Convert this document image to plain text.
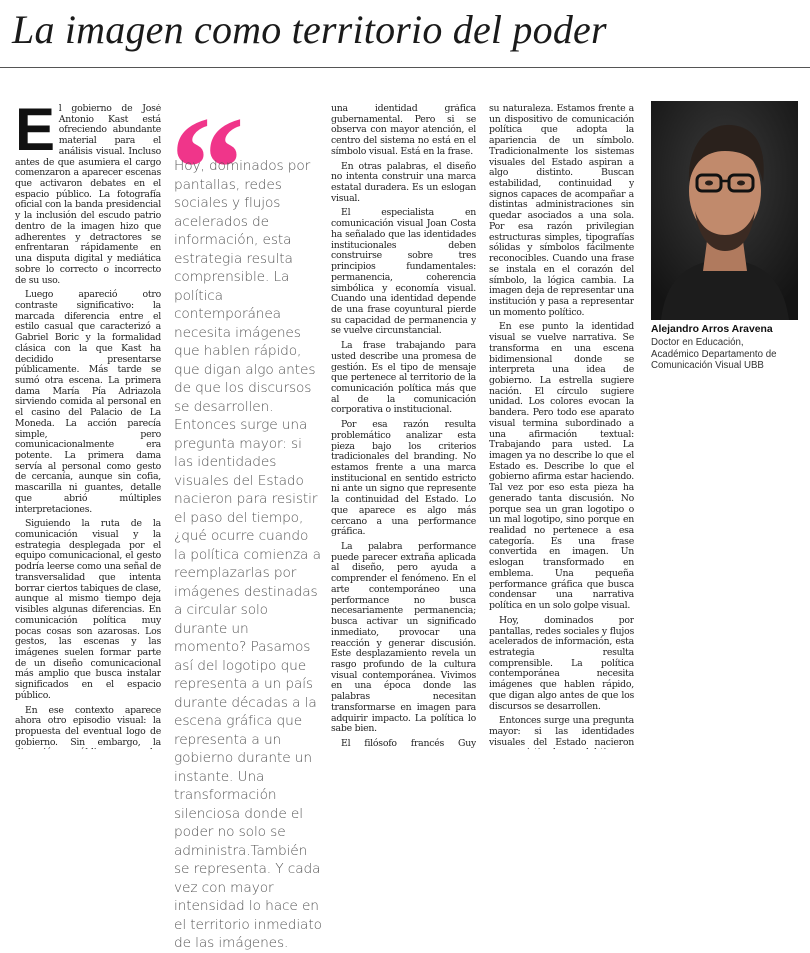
La imagen como territorio del poder

El gobierno de José Antonio Kast está ofreciendo abundante material para el análisis visual. Incluso antes de que asumiera el cargo comenzaron a aparecer escenas que activaron debates en el espacio público. La fotografía oficial con la banda presidencial y la inclusión del escudo patrio dentro de la imagen hizo que adherentes y detractores se enfrentaran rápidamente en una disputa digital y mediática sobre lo correcto o incorrecto de su uso.

Luego apareció otro contraste significativo: la marcada diferencia entre el estilo casual que caracterizó a Gabriel Boric y la formalidad clásica con la que Kast ha decidido presentarse públicamente. Más tarde se sumó otra escena. La primera dama María Pía Adriazola sirviendo comida al personal en el casino del Palacio de La Moneda. La acción parecía simple, pero comunicacionalmente era potente. La primera dama servía al personal como gesto de cercanía, aunque sin cofia, mascarilla ni guantes, detalle que abrió múltiples interpretaciones.

Siguiendo la ruta de la comunicación visual y la estrategia desplegada por el equipo comunicacional, el gesto podría leerse como una señal de transversalidad que intenta borrar ciertos tabiques de clase, aunque al mismo tiempo deja visibles algunas diferencias. En comunicación política muy pocas cosas son azarosas. Los gestos, las escenas y las imágenes suelen formar parte de un diseño comunicacional más amplio que busca instalar significados en el espacio público.

En ese contexto aparece ahora otro episodio visual: la propuesta del eventual logo de gobierno. Sin embargo, la

Hoy, dominados por pantallas, redes sociales y flujos acelerados de información, esta estrategia resulta comprensible. La política contemporánea necesita imágenes que hablen rápido, que digan algo antes de que los discursos se desarrollen. Entonces surge una pregunta mayor: si las identidades visuales del Estado nacieron para resistir el paso del tiempo, ¿qué ocurre cuando la política comienza a reemplazarlas por imágenes destinadas a circular solo durante un momento? Pasamos así del logotipo que representa a un país durante décadas a la escena gráfica que representa a un gobierno durante un instante. Una transformación silenciosa donde el poder no solo se administra.También se representa. Y cada vez con mayor intensidad lo hace en el territorio inmediato de las imágenes.

una identidad gráfica gubernamental. Pero si se observa con mayor atención, el centro del sistema no está en el símbolo visual. Está en la frase.

En otras palabras, el diseño no intenta construir una marca estatal duradera. Es un eslogan visual.

El especialista en comunicación visual Joan Costa ha señalado que las identidades institucionales deben construirse sobre tres principios fundamentales: permanencia, coherencia simbólica y economía visual. Cuando una identidad depende de una frase coyuntural pierde su capacidad de permanencia y se vuelve circunstancial.

La frase trabajando para usted describe una promesa de gestión. Es el tipo de mensaje que pertenece al territorio de la comunicación política más que al de la comunicación corporativa o institucional.

Por esa razón resulta problemático analizar esta pieza bajo los criterios tradicionales del branding. No estamos frente a una marca institucional en sentido estricto ni ante un signo que represente la continuidad del Estado. Lo que aparece es algo más cercano a una performance gráfica.

La palabra performance puede parecer extraña aplicada al diseño, pero ayuda a comprender el fenómeno. En el arte contemporáneo una performance no busca necesariamente permanencia; busca activar un significado inmediato, provocar una reacción y generar discusión. Este desplazamiento revela un rasgo profundo de la cultura visual contemporánea. Vivimos en una época donde las palabras necesitan transformarse en imagen para adquirir impacto. La política lo sabe bien.

El filósofo francés Guy

su naturaleza. Estamos frente a un dispositivo de comunicación política que adopta la apariencia de un símbolo. Tradicionalmente los sistemas visuales del Estado aspiran a algo distinto. Buscan estabilidad, continuidad y signos capaces de acompañar a distintas administraciones sin quedar asociados a una sola. Por esa razón privilegian estructuras simples, tipografías sólidas y símbolos fácilmente reconocibles. Cuando una frase se instala en el corazón del símbolo, la lógica cambia. La imagen deja de representar una institución y pasa a representar un momento político.

En ese punto la identidad visual se vuelve narrativa. Se transforma en una escena bidimensional donde se interpreta una idea de gobierno. La estrella sugiere nación. El círculo sugiere unidad. Los colores evocan la bandera. Pero todo ese aparato visual termina subordinado a una afirmación textual: Trabajando para usted. La imagen ya no describe lo que el Estado es. Describe lo que el gobierno afirma estar haciendo. Tal vez por eso esta pieza ha generado tanta discusión. No porque sea un gran logotipo o un mal logotipo, sino porque en realidad no pertenece a esa categoría. Es una frase convertida en imagen. Un eslogan transformado en emblema. Una pequeña performance gráfica que busca condensar una narrativa política en un solo golpe visual.

Hoy, dominados por pantallas, redes sociales y flujos acelerados de información, esta estrategia resulta comprensible. La política contemporánea necesita imágenes que hablen rápido, que digan algo antes de que los discursos se desarrollen.

Entonces surge una pregunta mayor: si las identidades visuales del Estado nacieron

Alejandro Arros Aravena
Doctor en Educación,
Académico Departamento de
Comunicación Visual UBB
